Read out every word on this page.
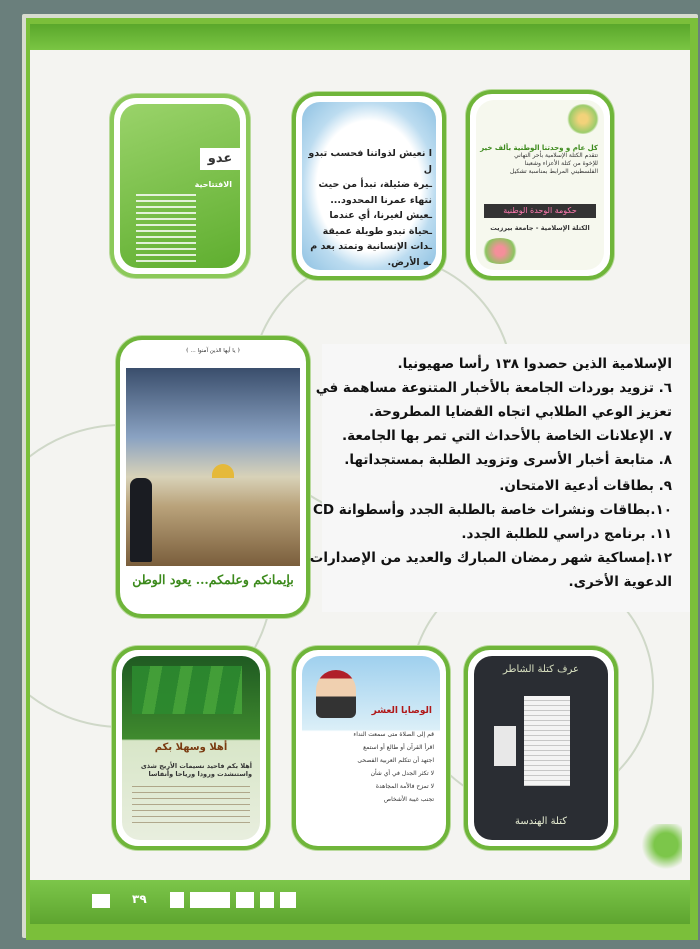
عدو
الافتتاحية
ا نعيش لذواتنا فحسب تبدو ل
ـيرة ضئيلة، تبدأ من حيث
نتهاء عمرنا المحدود...
ـعيش لغيرنا، أي عندما
ـحياة تبدو طويلة عميقة
ـدات الإنسانية وتمتد بعد م
ـه الأرض.
كل عام و وحدتنا الوطنية بألف خير
تتقدم الكتلة الإسلامية بأحر التهاني
للإخوة من كتلة الأعزاء وشعبنا
الفلسطيني المرابط بمناسبة تشكيل
حكومة الوحدة الوطنية
الكتلة الإسلامية - جامعة بيرزيت
﴿ يا أيها الذين آمنوا ... ﴾
بإيمانكم وعلمكم... يعود الوطن
الإسلامية الذين حصدوا ١٣٨ رأسا صهيونيا.
٦. تزويد بوردات الجامعة بالأخبار المتنوعة مساهمة في
تعزيز الوعي الطلابي اتجاه القضايا المطروحة.
٧. الإعلانات الخاصة بالأحداث التي تمر بها الجامعة.
٨. متابعة أخبار الأسرى وتزويد الطلبة بمستجداتها.
٩. بطاقات أدعية الامتحان.
١٠.بطاقات ونشرات خاصة بالطلبة الجدد وأسطوانة CD
١١. برنامج دراسي للطلبة الجدد.
١٢.إمساكية شهر رمضان المبارك والعديد من الإصدارات
الدعوية الأخرى.
أهلا وسهلا بكم
أهلا بكم فاحيد نسيمات الأريج شذى
واستنشدت ورودا ورياحا وأنفاسا
الوصايا العشر
قم إلى الصلاة متى سمعت النداء
اقرأ القرآن أو طالع أو استمع
اجتهد أن تتكلم العربية الفصحى
لا تكثر الجدل في أي شأن
لا تمزح فالأمة المجاهدة
تجنب غيبة الأشخاص
عرف كتلة الشاطر
كتلة الهندسة
٣٩
